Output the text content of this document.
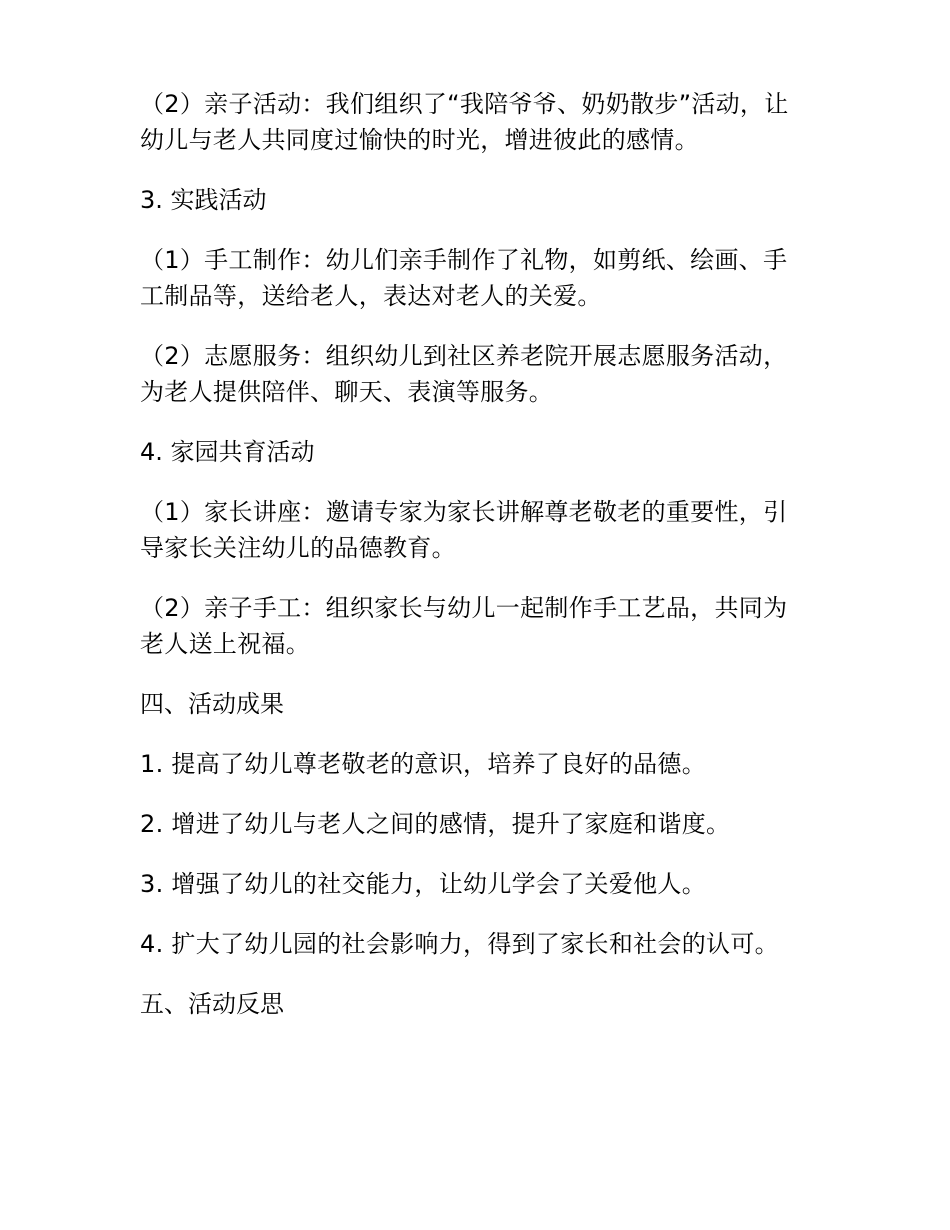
（2）亲子活动：我们组织了“我陪爷爷、奶奶散步”活动，让幼儿与老人共同度过愉快的时光，增进彼此的感情。

3. 实践活动

（1）手工制作：幼儿们亲手制作了礼物，如剪纸、绘画、手工制品等，送给老人，表达对老人的关爱。

（2）志愿服务：组织幼儿到社区养老院开展志愿服务活动，为老人提供陪伴、聊天、表演等服务。

4. 家园共育活动

（1）家长讲座：邀请专家为家长讲解尊老敬老的重要性，引导家长关注幼儿的品德教育。

（2）亲子手工：组织家长与幼儿一起制作手工艺品，共同为老人送上祝福。

四、活动成果

1. 提高了幼儿尊老敬老的意识，培养了良好的品德。

2. 增进了幼儿与老人之间的感情，提升了家庭和谐度。

3. 增强了幼儿的社交能力，让幼儿学会了关爱他人。

4. 扩大了幼儿园的社会影响力，得到了家长和社会的认可。

五、活动反思
